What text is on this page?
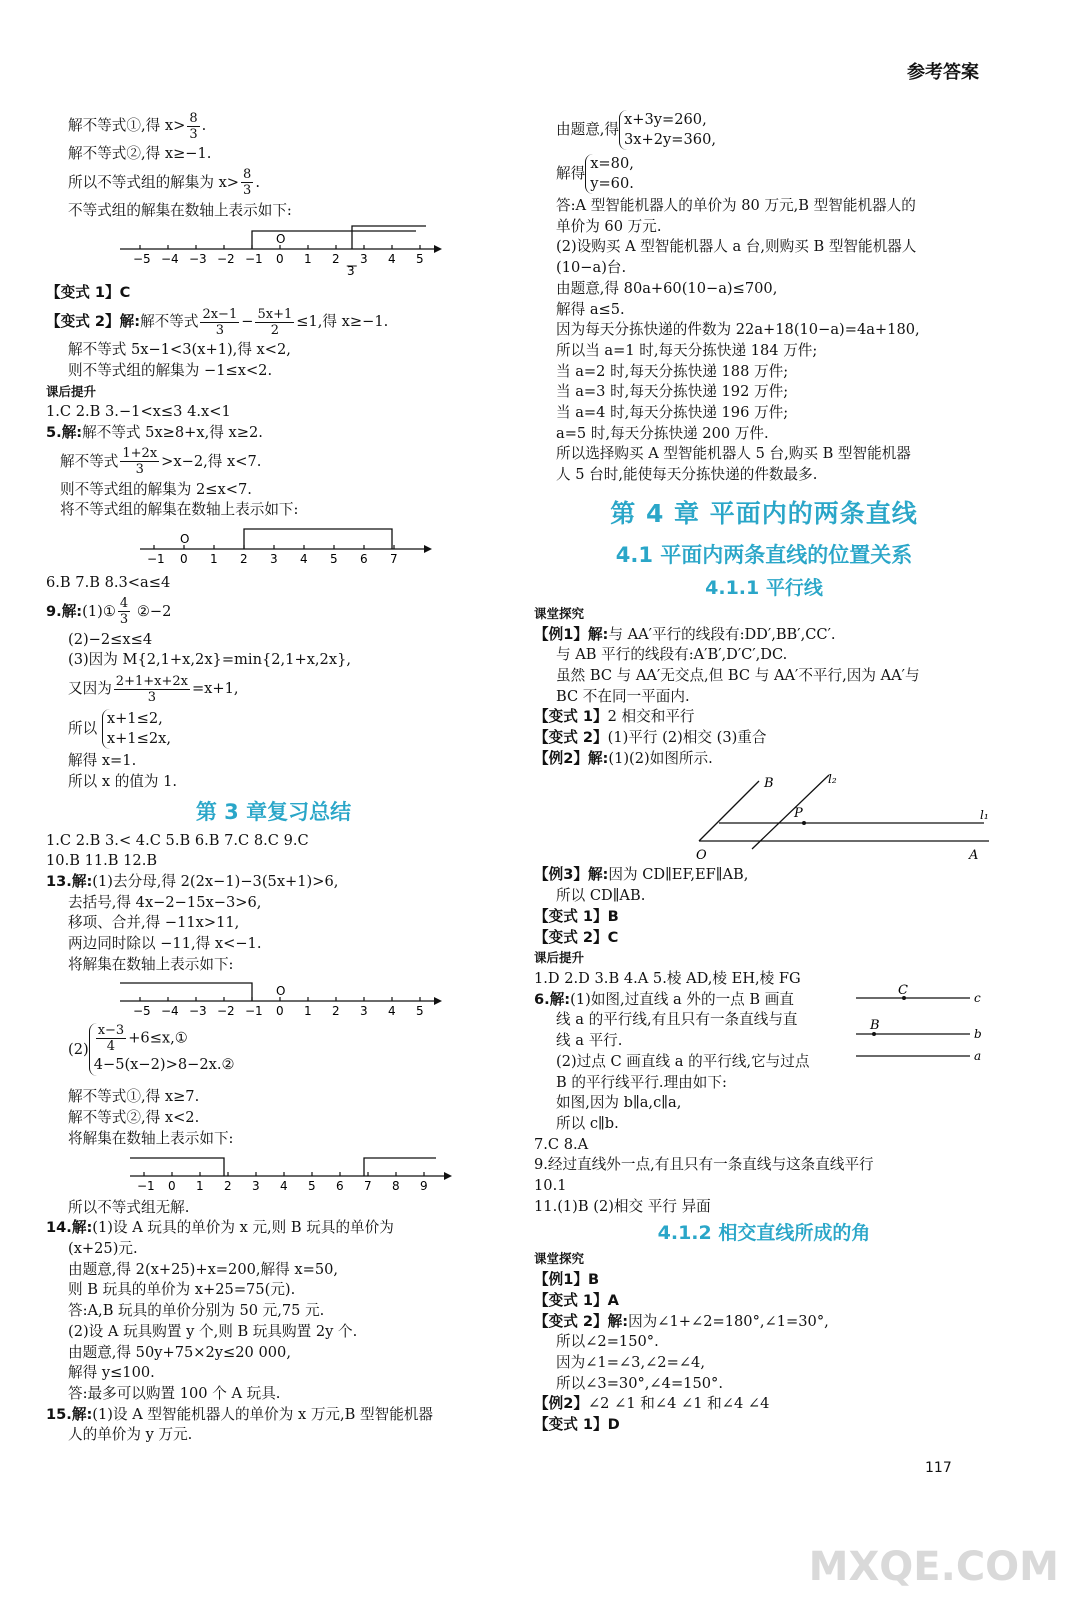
参考答案
解不等式①,得 $x> \frac{8}{3}$ .
解不等式②,得 x≥−1.
所以不等式组的解集为 $x> \frac{8}{3}$ .
不等式组的解集在数轴上表示如下:
−5 −4 −3 −2 −1 0 1 2 3 4 5
O
3
【变式 1】C
【变式 2】解:解不等式 $\frac{2x-1}{3} - \frac{5x+1}{2} \le 1$,得 x≥−1.
解不等式 5x−1<3(x+1),得 x<2,
则不等式组的解集为 −1≤x<2.
课后提升
1.C 2.B 3.−1<x≤3 4.x<1
5.解:解不等式 5x≥8+x,得 x≥2.
解不等式 $\frac{1+2x}{3} >x-2$,得 x<7.
则不等式组的解集为 2≤x<7.
将不等式组的解集在数轴上表示如下:
−1 0 1 2 3 4 5 6 7
O
6.B 7.B 8.3<a≤4
9.解:(1)① $\frac{4}{3}$ ②−2
(2)−2≤x≤4
(3)因为 M{2,1+x,2x}=min{2,1+x,2x},
又因为 $\frac{2+1+x+2x}{3} =x+1$,
所以
x+1≤2,
x+1≤2x,
解得 x=1.
所以 x 的值为 1.
第 3 章复习总结
1.C 2.B 3.< 4.C 5.B 6.B 7.C 8.C 9.C
10.B 11.B 12.B
13.解:(1)去分母,得 2(2x−1)−3(5x+1)>6,
去括号,得 4x−2−15x−3>6,
移项、合并,得 −11x>11,
两边同时除以 −11,得 x<−1.
将解集在数轴上表示如下:
−5 −4 −3 −2 −1 0 1 2 3 4 5
O
$(2) \frac{x-3}{4}$ +6≤x,①
4−5(x−2)>8−2x.②
解不等式①,得 x≥7.
解不等式②,得 x<2.
将解集在数轴上表示如下:
−1 0 1 2 3 4 5 6 7 8 9
所以不等式组无解.
14.解:(1)设 A 玩具的单价为 x 元,则 B 玩具的单价为
(x+25)元.
由题意,得 2(x+25)+x=200,解得 x=50,
则 B 玩具的单价为 x+25=75(元).
答:A,B 玩具的单价分别为 50 元,75 元.
(2)设 A 玩具购置 y 个,则 B 玩具购置 2y 个.
由题意,得 50y+75×2y≤20 000,
解得 y≤100.
答:最多可以购置 100 个 A 玩具.
15.解:(1)设 A 型智能机器人的单价为 x 万元,B 型智能机器
人的单价为 y 万元.
由题意,得
x+3y=260,
3x+2y=360,
解得
x=80,
y=60.
答:A 型智能机器人的单价为 80 万元,B 型智能机器人的
单价为 60 万元.
(2)设购买 A 型智能机器人 a 台,则购买 B 型智能机器人
(10−a)台.
由题意,得 80a+60(10−a)≤700,
解得 a≤5.
因为每天分拣快递的件数为 22a+18(10−a)=4a+180,
所以当 a=1 时,每天分拣快递 184 万件;
当 a=2 时,每天分拣快递 188 万件;
当 a=3 时,每天分拣快递 192 万件;
当 a=4 时,每天分拣快递 196 万件;
a=5 时,每天分拣快递 200 万件.
所以选择购买 A 型智能机器人 5 台,购买 B 型智能机器
人 5 台时,能使每天分拣快递的件数最多.
第 4 章 平面内的两条直线
4.1 平面内两条直线的位置关系
4.1.1 平行线
课堂探究
【例1】解:与 AA′平行的线段有:DD′,BB′,CC′.
与 AB 平行的线段有:A′B′,D′C′,DC.
虽然 BC 与 AA′无交点,但 BC 与 AA′不平行,因为 AA′与
BC 不在同一平面内.
【变式 1】2 相交和平行
【变式 2】(1)平行 (2)相交 (3)重合
【例2】解:(1)(2)如图所示.
B	l₂
P	l₁
O	A
【例3】解:因为 CD∥EF,EF∥AB,
所以 CD∥AB.
【变式 1】B
【变式 2】C
课后提升
1.D 2.D 3.B 4.A 5.棱 AD,棱 EH,棱 FG
6.解:(1)如图,过直线 a 外的一点 B 画直
线 a 的平行线,有且只有一条直线与直
线 a 平行.
(2)过点 C 画直线 a 的平行线,它与过点
B 的平行线平行.理由如下:
如图,因为 b∥a,c∥a,
所以 c∥b.
C	c
B
b
a
7.C 8.A
9.经过直线外一点,有且只有一条直线与这条直线平行
10.1
11.(1)B (2)相交 平行 异面
4.1.2 相交直线所成的角
课堂探究
【例1】B
【变式 1】A
【变式 2】解:因为∠1+∠2=180°,∠1=30°,
所以∠2=150°.
因为∠1=∠3,∠2=∠4,
所以∠3=30°,∠4=150°.
【例2】∠2 ∠1 和∠4 ∠1 和∠4 ∠4
【变式 1】D
117
MXQE.COM
